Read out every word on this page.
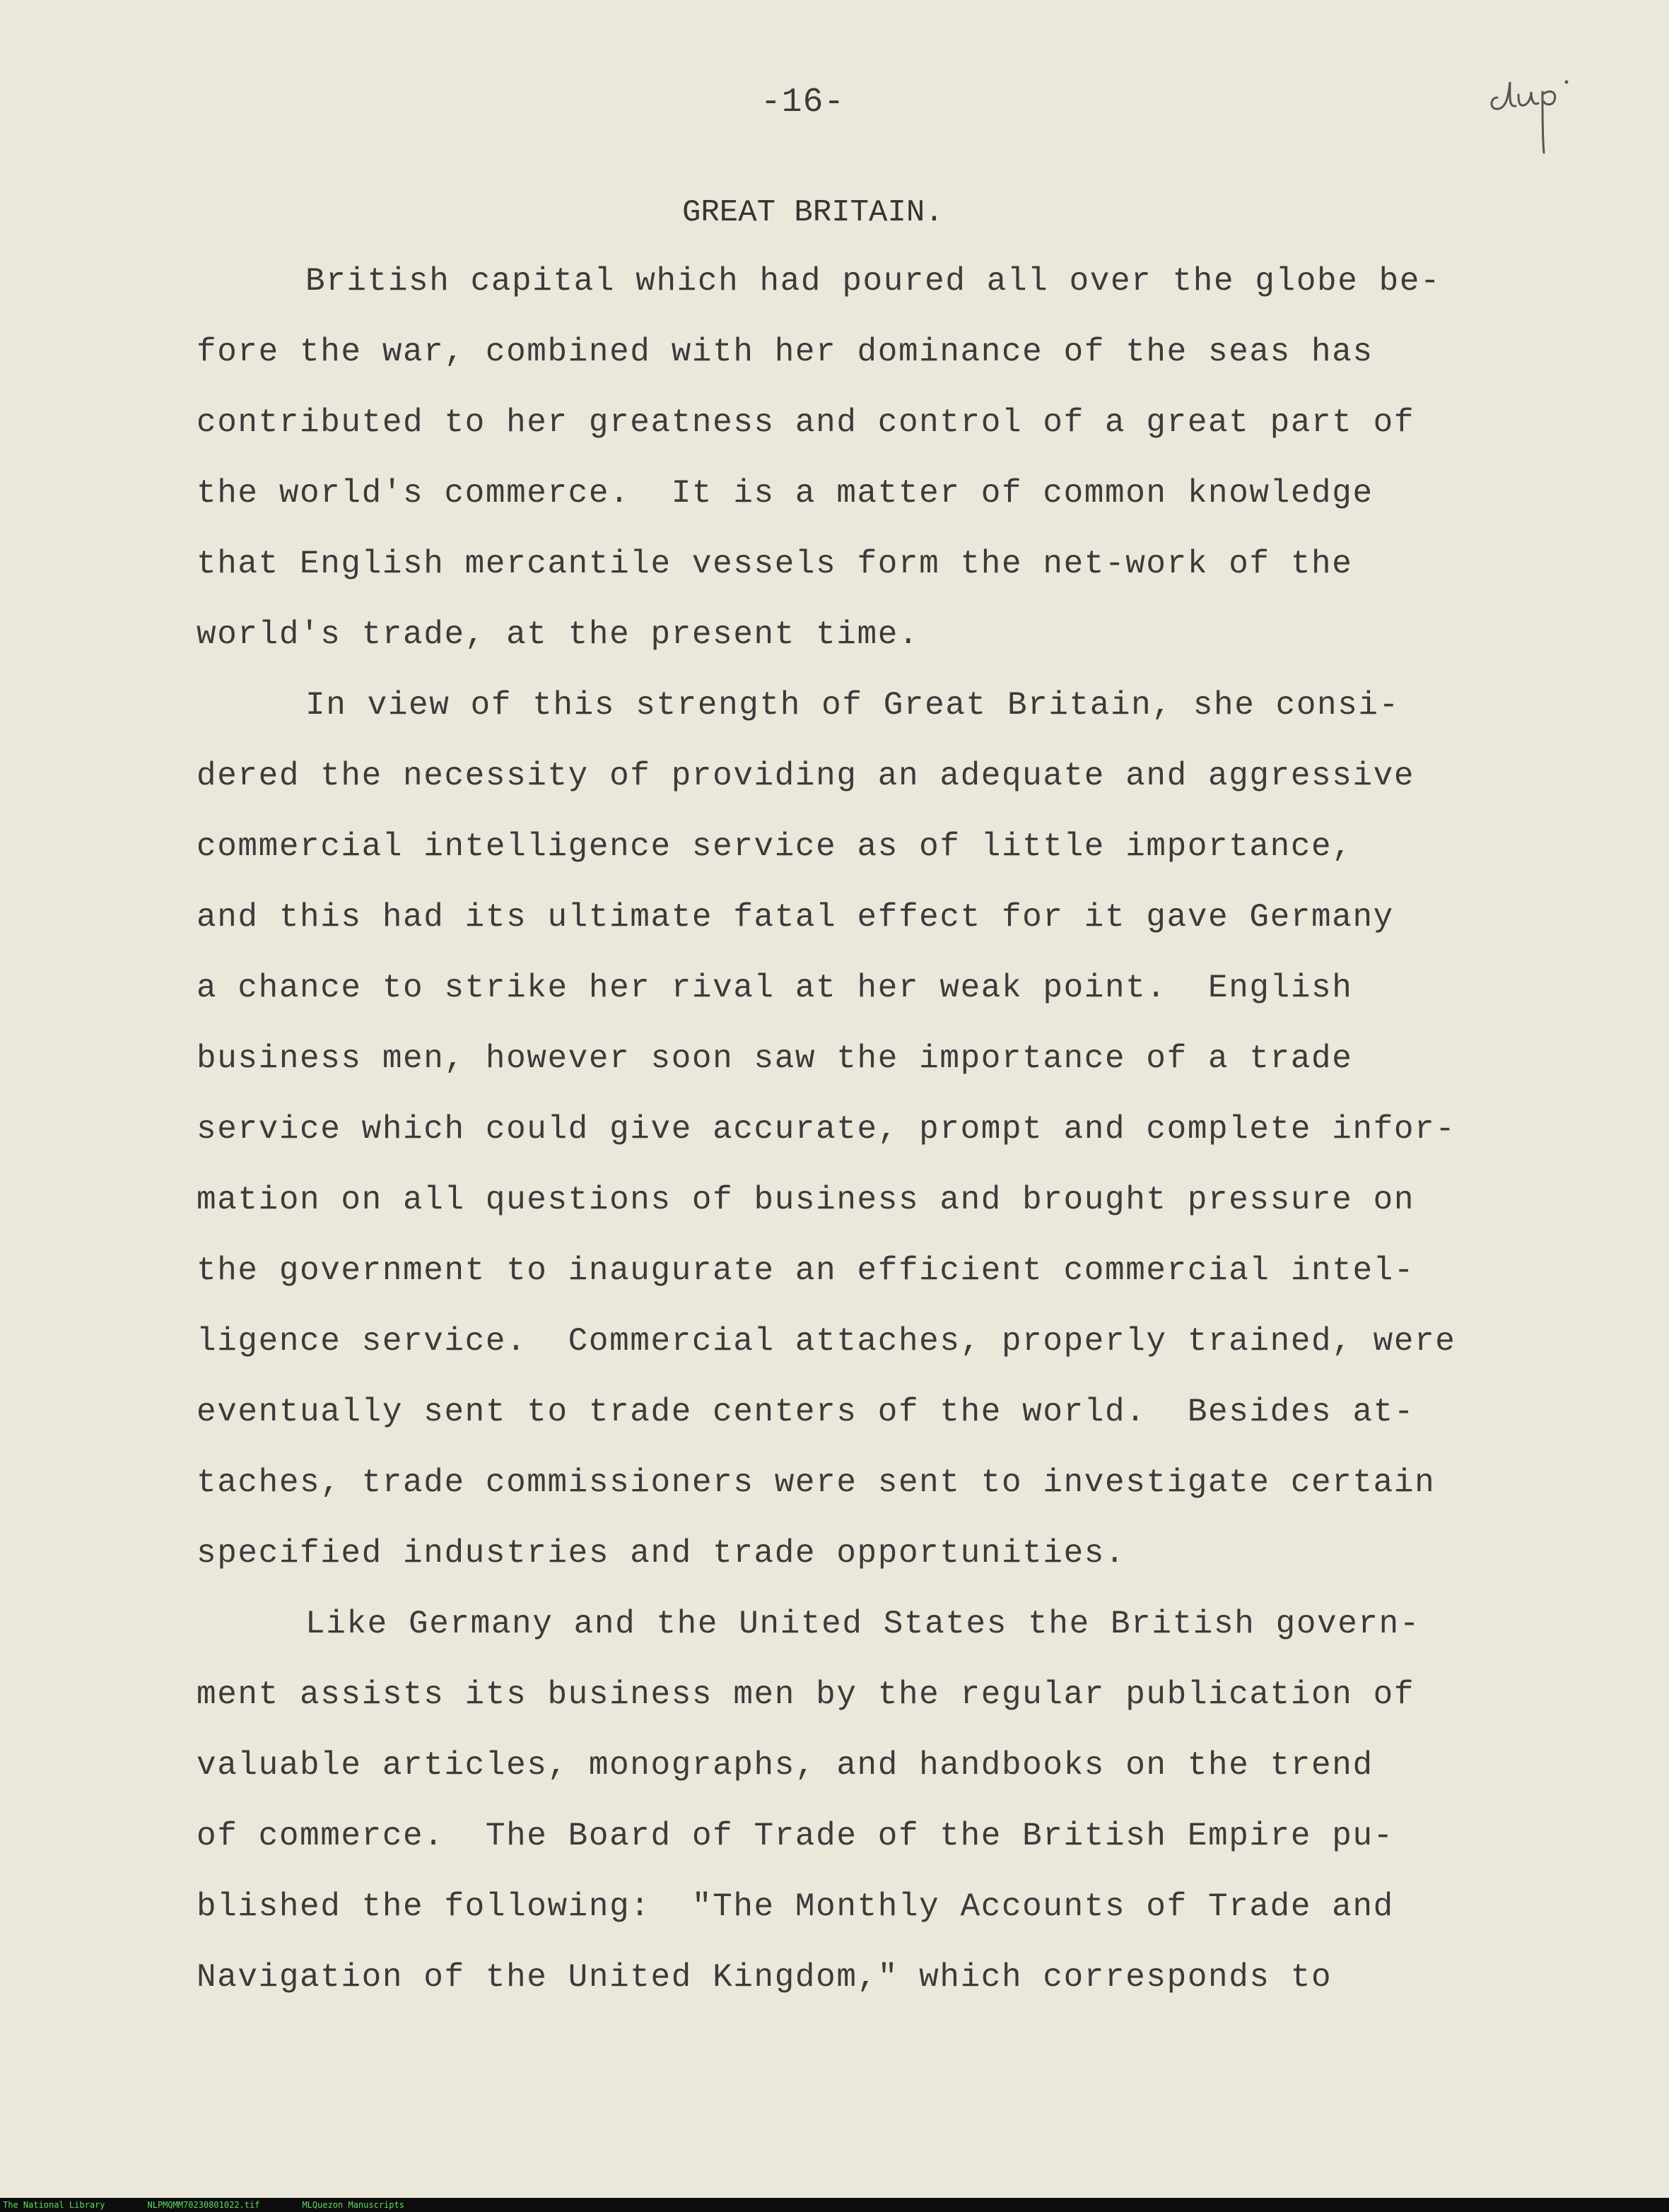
-16-
GREAT BRITAIN.
British capital which had poured all over the globe be-
fore the war, combined with her dominance of the seas has
contributed to her greatness and control of a great part of
the world's commerce.  It is a matter of common knowledge
that English mercantile vessels form the net-work of the
world's trade, at the present time.
In view of this strength of Great Britain, she consi-
dered the necessity of providing an adequate and aggressive
commercial intelligence service as of little importance,
and this had its ultimate fatal effect for it gave Germany
a chance to strike her rival at her weak point.  English
business men, however soon saw the importance of a trade
service which could give accurate, prompt and complete infor-
mation on all questions of business and brought pressure on
the government to inaugurate an efficient commercial intel-
ligence service.  Commercial attaches, properly trained, were
eventually sent to trade centers of the world.  Besides at-
taches, trade commissioners were sent to investigate certain
specified industries and trade opportunities.
Like Germany and the United States the British govern-
ment assists its business men by the regular publication of
valuable articles, monographs, and handbooks on the trend
of commerce.  The Board of Trade of the British Empire pu-
blished the following:  "The Monthly Accounts of Trade and
Navigation of the United Kingdom," which corresponds to
The National Library	NLPMQMM70230801022.tif	MLQuezon Manuscripts
